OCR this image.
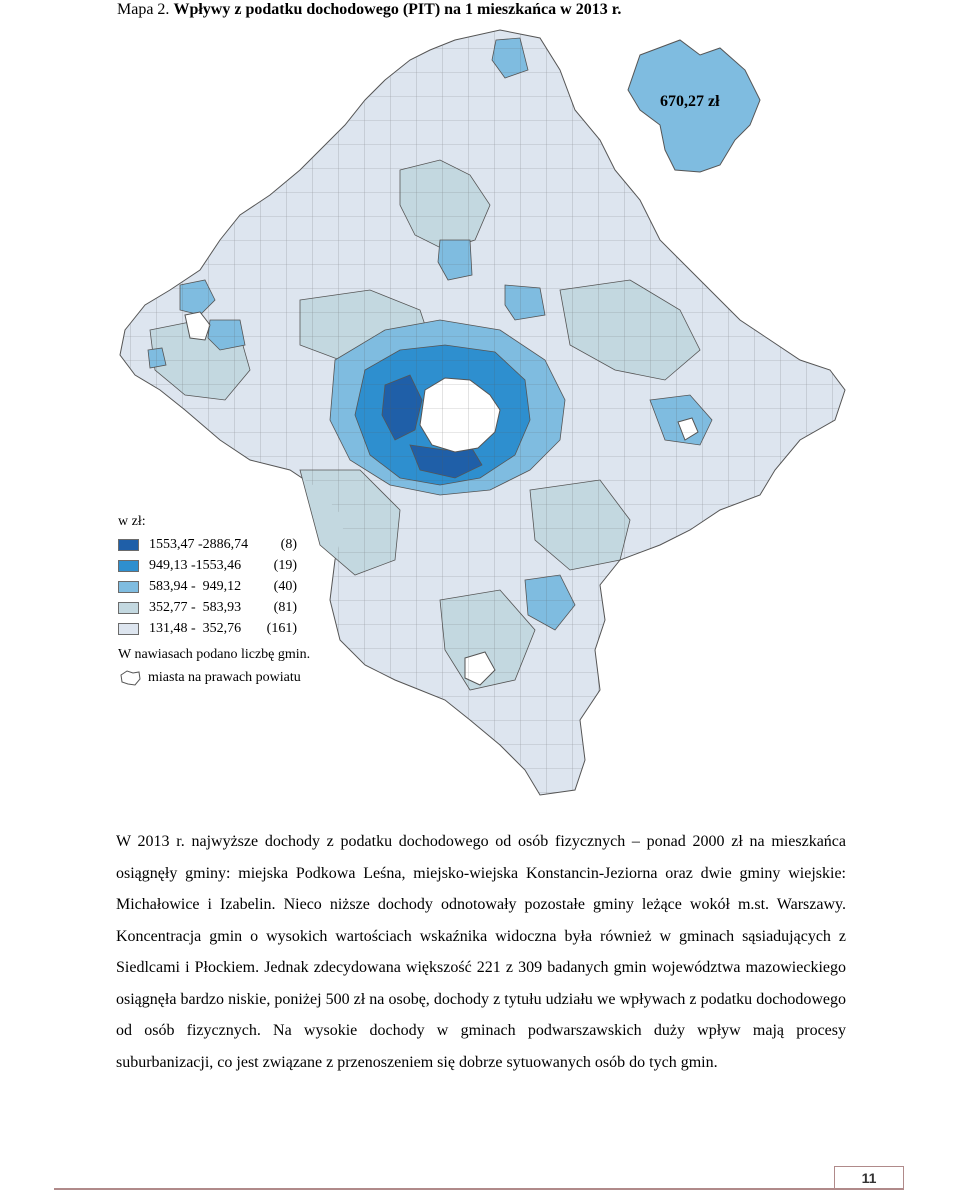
Mapa 2. Wpływy z podatku dochodowego (PIT) na 1 mieszkańca w 2013 r.
670,27 zł
w zł:
1553,47 -2886,74	(8)
949,13 -1553,46	(19)
583,94 -  949,12	(40)
352,77 -  583,93	(81)
131,48 -  352,76	(161)
W nawiasach podano liczbę gmin.
miasta na prawach powiatu
W 2013 r. najwyższe dochody z podatku dochodowego od osób fizycznych – ponad 2000 zł na mieszkańca osiągnęły gminy: miejska Podkowa Leśna, miejsko-wiejska Konstancin-Jeziorna oraz dwie gminy wiejskie: Michałowice i Izabelin. Nieco niższe dochody odnotowały pozostałe gminy leżące wokół m.st. Warszawy. Koncentracja gmin o wysokich wartościach wskaźnika widoczna była również w gminach sąsiadujących z Siedlcami i Płockiem. Jednak zdecydowana większość 221 z 309 badanych gmin województwa mazowieckiego osiągnęła bardzo niskie, poniżej 500 zł na osobę, dochody z tytułu udziału we wpływach z podatku dochodowego od osób fizycznych. Na wysokie dochody w gminach podwarszawskich duży wpływ mają procesy suburbanizacji, co jest związane z przenoszeniem się dobrze sytuowanych osób do tych gmin.
11
